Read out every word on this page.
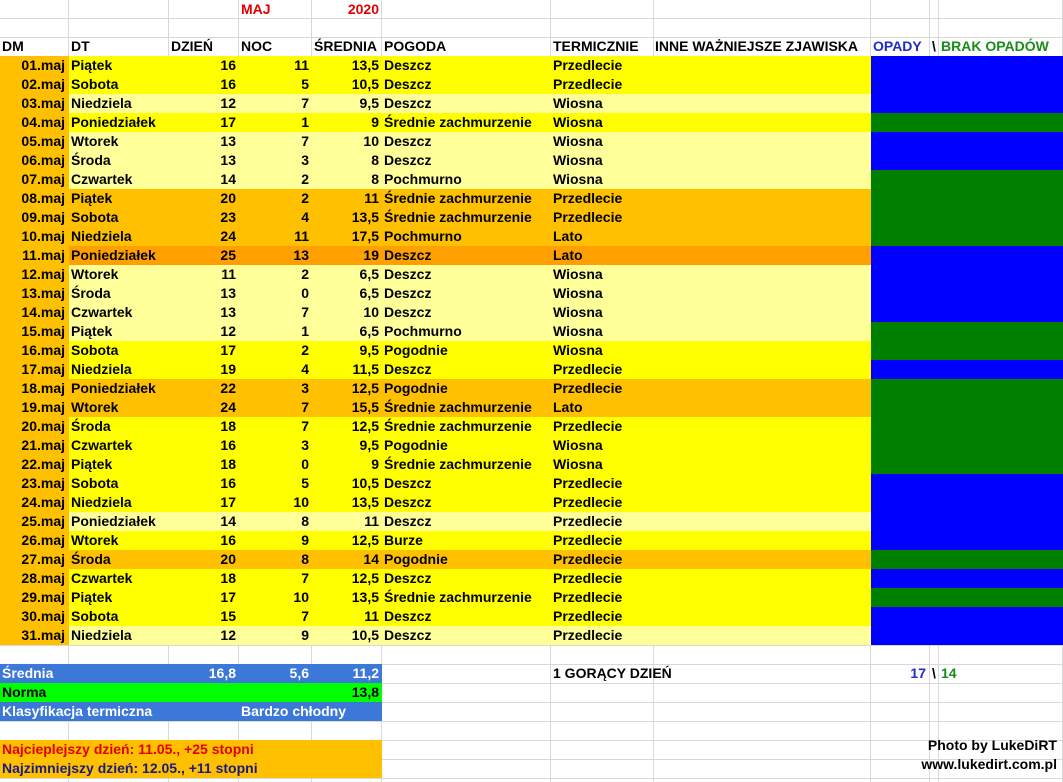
MAJ	2020
DM	DT	DZIEŃ	NOC	ŚREDNIA POGODA	TERMICZNIE	INNE WAŻNIEJSZE ZJAWISKA	OPADY \ BRAK OPADÓW
01.maj Piątek	16	11	13,5 Deszcz	Przedlecie
02.maj Sobota	16	5	10,5 Deszcz	Przedlecie
03.maj Niedziela	12	7	9,5 Deszcz	Wiosna
04.maj Poniedziałek	17	1	9 Średnie zachmurzenie	Wiosna
05.maj Wtorek	13	7	10 Deszcz	Wiosna
06.maj Środa	13	3	8 Deszcz	Wiosna
07.maj Czwartek	14	2	8 Pochmurno	Wiosna
08.maj Piątek	20	2	11 Średnie zachmurzenie	Przedlecie
09.maj Sobota	23	4	13,5 Średnie zachmurzenie	Przedlecie
10.maj Niedziela	24	11	17,5 Pochmurno	Lato
11.maj Poniedziałek	25	13	19 Deszcz	Lato
12.maj Wtorek	11	2	6,5 Deszcz	Wiosna
13.maj Środa	13	0	6,5 Deszcz	Wiosna
14.maj Czwartek	13	7	10 Deszcz	Wiosna
15.maj Piątek	12	1	6,5 Pochmurno	Wiosna
16.maj Sobota	17	2	9,5 Pogodnie	Wiosna
17.maj Niedziela	19	4	11,5 Deszcz	Przedlecie
18.maj Poniedziałek	22	3	12,5 Pogodnie	Przedlecie
19.maj Wtorek	24	7	15,5 Średnie zachmurzenie	Lato
20.maj Środa	18	7	12,5 Średnie zachmurzenie	Przedlecie
21.maj Czwartek	16	3	9,5 Pogodnie	Wiosna
22.maj Piątek	18	0	9 Średnie zachmurzenie	Wiosna
23.maj Sobota	16	5	10,5 Deszcz	Przedlecie
24.maj Niedziela	17	10	13,5 Deszcz	Przedlecie
25.maj Poniedziałek	14	8	11 Deszcz	Przedlecie
26.maj Wtorek	16	9	12,5 Burze	Przedlecie
27.maj Środa	20	8	14 Pogodnie	Przedlecie
28.maj Czwartek	18	7	12,5 Deszcz	Przedlecie
29.maj Piątek	17	10	13,5 Średnie zachmurzenie	Przedlecie
30.maj Sobota	15	7	11 Deszcz	Przedlecie
31.maj Niedziela	12	9	10,5 Deszcz	Przedlecie
Średnia	16,8	5,6	11,2
Norma	13,8
Klasyfikacja termiczna	Bardzo chłodny
1 GORĄCY DZIEŃ	17 \ 14
Najcieplejszy dzień: 11.05., +25 stopni
Najzimniejszy dzień: 12.05., +11 stopni
Photo by LukeDiRT
www.lukedirt.com.pl
